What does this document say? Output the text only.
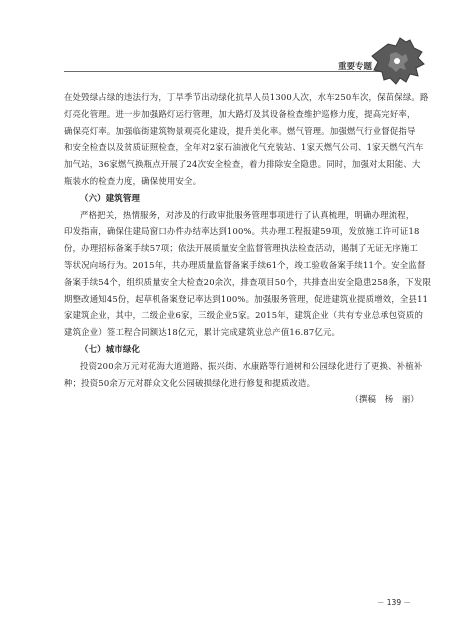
重要专题
在处毁绿占绿的违法行为，丁旱季节出动绿化抗旱人员1300人次，水车250车次，保苗保绿。路
灯亮化管理。进一步加强路灯运行管理，加大路灯及其设备检查维护巡修力度，提高完好率，
确保亮灯率。加强临街建筑物景观亮化建设，提升美化率。燃气管理。加强燃气行业督促指导
和安全检查以及贫质证照检查，全年对2家石油液化气充装站、1家天燃气公司、1家天燃气汽车
加气站，36家燃气换瓶点开展了24次安全检查，着力排除安全隐患。同时，加强对太阳能、大
瓶装水的检查力度，确保使用安全。
（六）建筑管理
严格把关，热情服务，对涉及的行政审批服务管理事项进行了认真梳理，明确办理流程，
印发指南，确保住建局窗口办件办结率达到100%。共办理工程报建59项，发放施工许可证18
份，办理招标备案手续57项；依法开展质量安全监督管理执法检查活动，遏制了无证无序施工
等状况向场行为。2015年，共办理质量监督备案手续61个，竣工验收备案手续11个。安全监督
备案手续54个，组织质量安全大检查20余次，排查项目50个，共排查出安全隐患258条，下发限
期整改通知45份，起草机备案登记率达到100%。加强服务管理，促进建筑业提质增效，全县11
家建筑企业，其中，二级企业6家，三级企业5家。2015年，建筑企业（共有专业总承包资质的
建筑企业）签工程合同额达18亿元，累计完成建筑业总产值16.87亿元。
（七）城市绿化
投资200余万元对花海大道道路、振兴街、水康路等行道树和公园绿化进行了更换、补植补
种；投资50余万元对群众文化公园破损绿化进行修复和提质改造。
（撰稿　杨　丽）
－ 139 －
